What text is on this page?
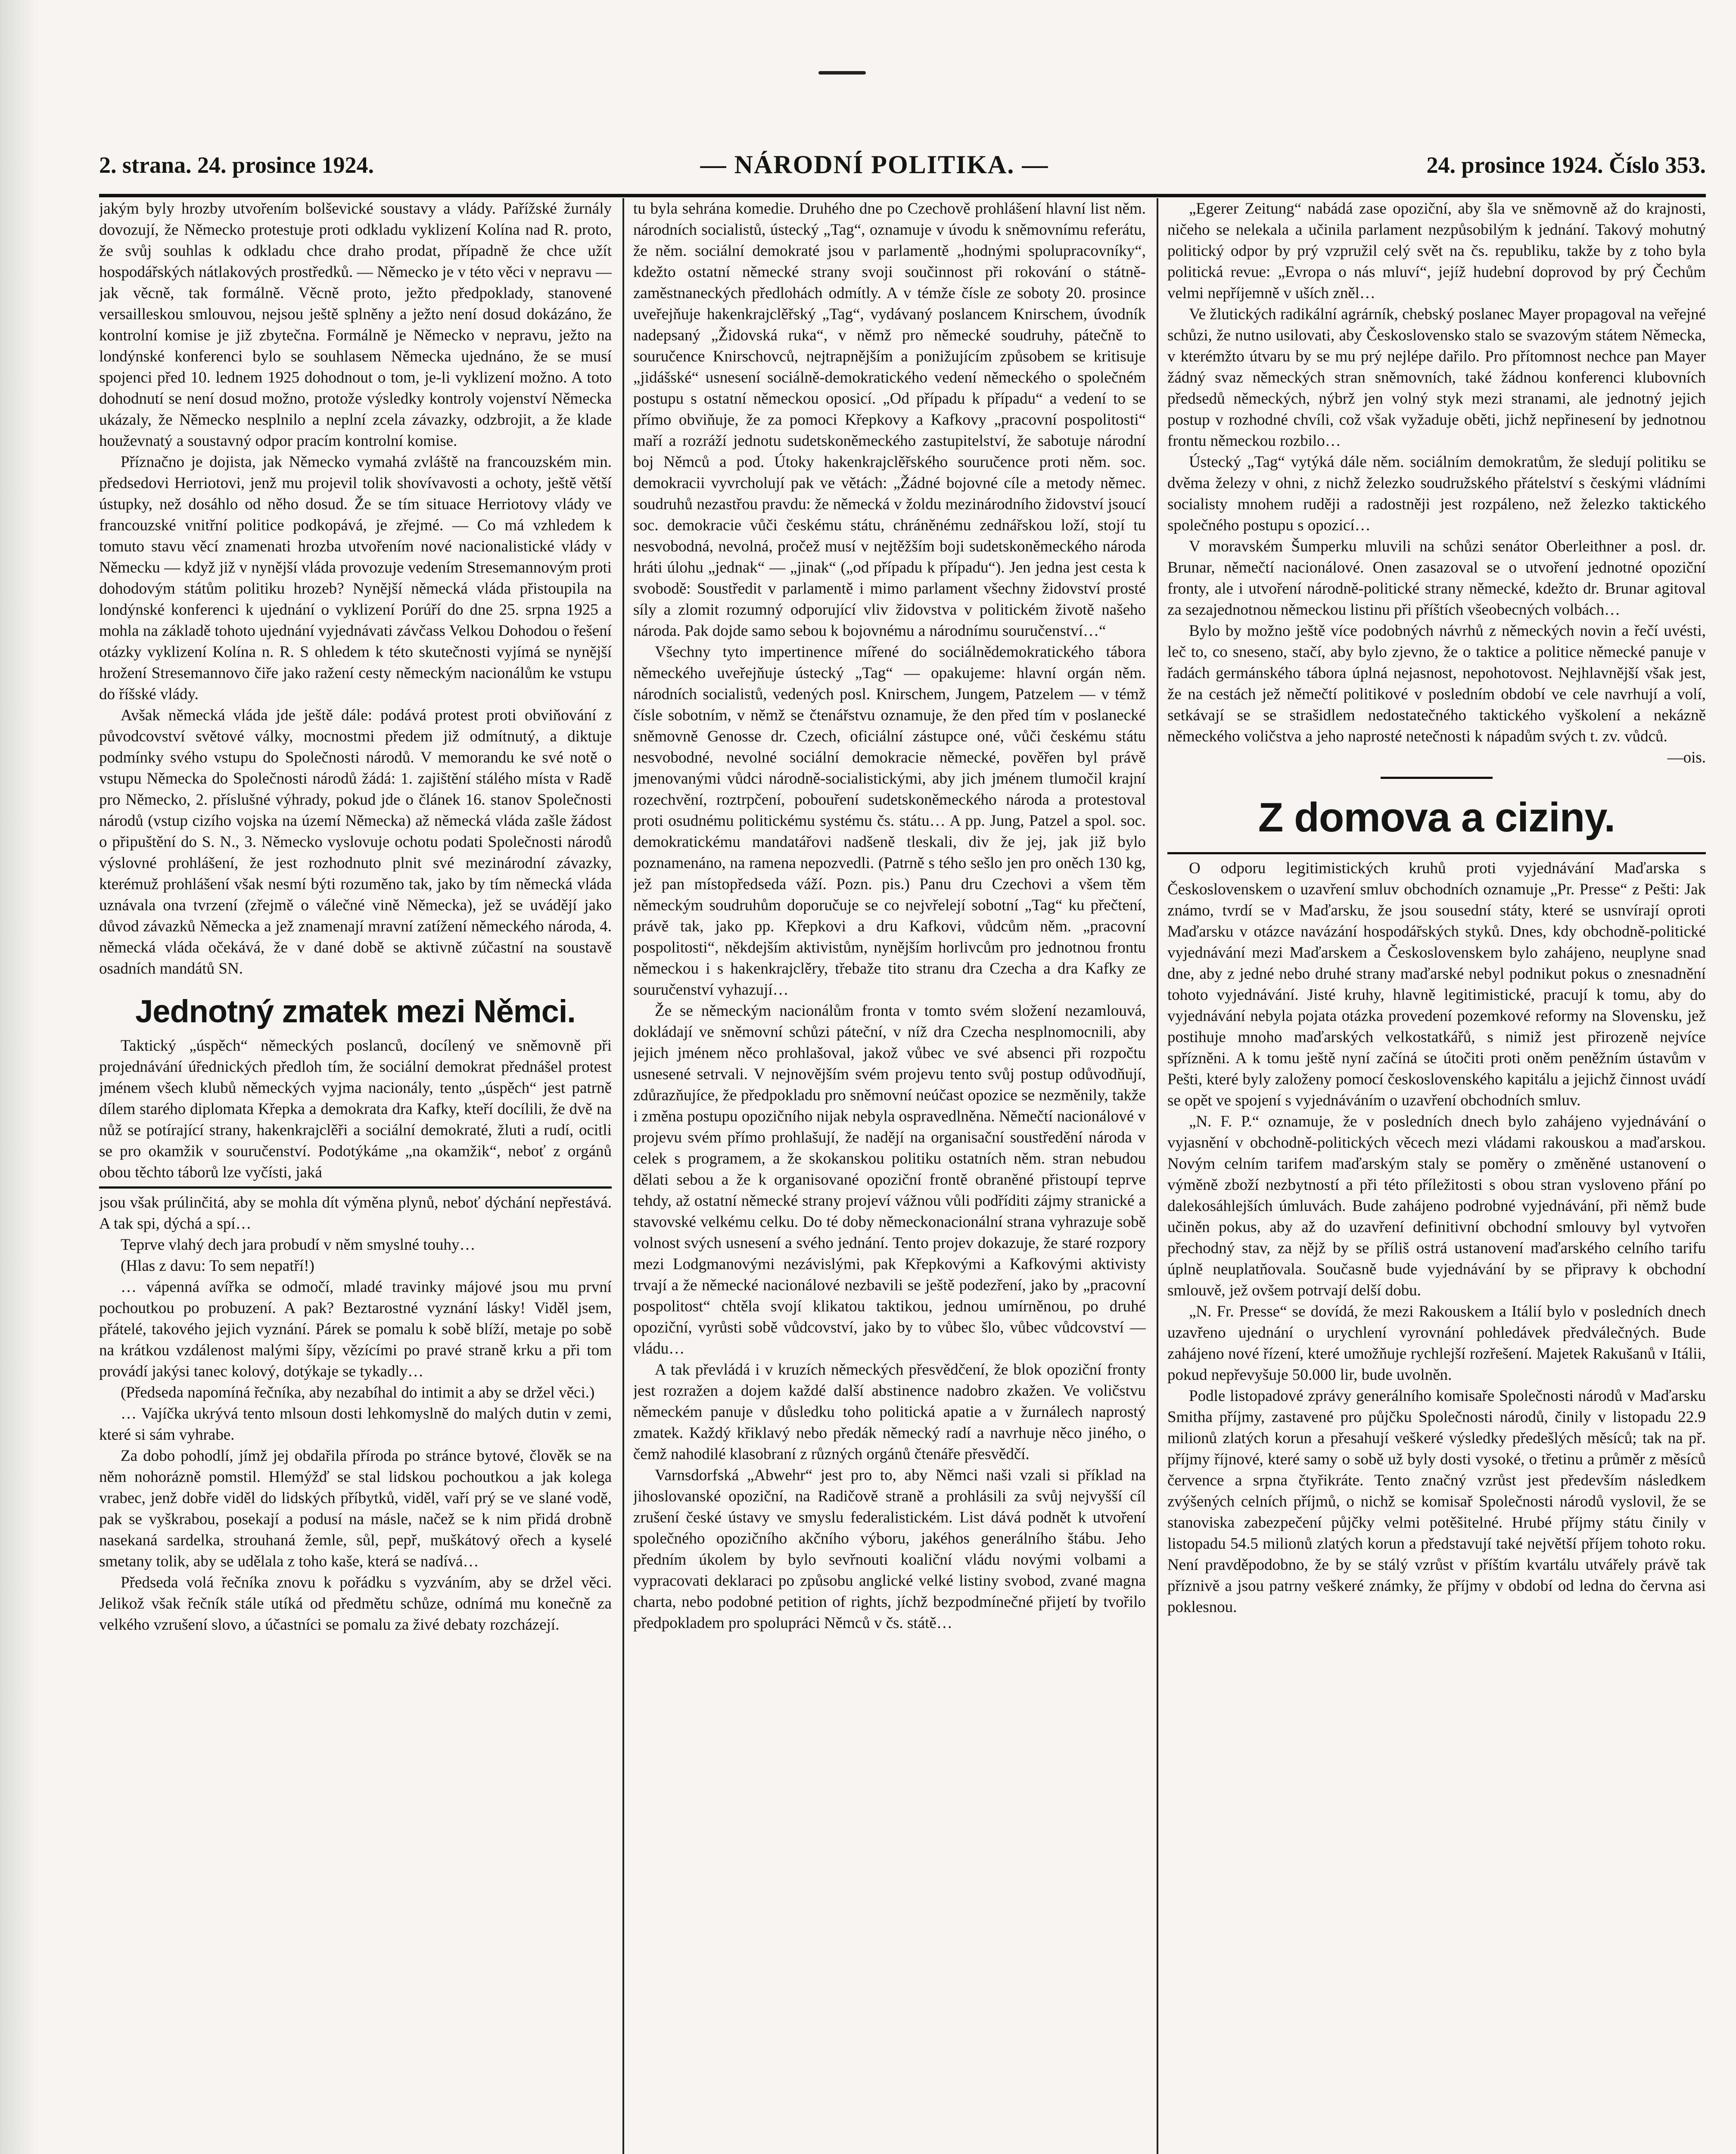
2. strana. 24. prosince 1924.	— NÁRODNÍ POLITIKA. —	24. prosince 1924. Číslo 353.

jakým byly hrozby utvořením bolševické soustavy a vlády. Pařížské žurnály dovozují, že Německo protestuje proti odkladu vyklizení Kolína nad R. proto, že svůj souhlas k odkladu chce draho prodat, případně že chce užít hospodářských nátlakových prostředků. — Německo je v této věci v nepravu — jak věcně, tak formálně. Věcně proto, ježto předpoklady, stanovené versailleskou smlouvou, nejsou ještě splněny a ježto není dosud dokázáno, že kontrolní komise je již zbytečna. Formálně je Německo v nepravu, ježto na londýnské konferenci bylo se souhlasem Německa ujednáno, že se musí spojenci před 10. lednem 1925 dohodnout o tom, je-li vyklizení možno. A toto dohodnutí se není dosud možno, protože výsledky kontroly vojenství Německa ukázaly, že Německo nesplnilo a neplní zcela závazky, odzbrojit, a že klade houževnatý a soustavný odpor pracím kontrolní komise.

Příznačno je dojista, jak Německo vymahá zvláště na francouzském min. předsedovi Herriotovi, jenž mu projevil tolik shovívavosti a ochoty, ještě větší ústupky, než dosáhlo od něho dosud. Že se tím situace Herriotovy vlády ve francouzské vnitřní politice podkopává, je zřejmé. — Co má vzhledem k tomuto stavu věcí znamenati hrozba utvořením nové nacionalistické vlády v Německu — když již v nynější vláda provozuje vedením Stresemannovým proti dohodovým státům politiku hrozeb? Nynější německá vláda přistoupila na londýnské konferenci k ujednání o vyklizení Porúří do dne 25. srpna 1925 a mohla na základě tohoto ujednání vyjednávati závčass Velkou Dohodou o řešení otázky vyklizení Kolína n. R. S ohledem k této skutečnosti vyjímá se nynější hrožení Stresemannovo čiře jako ražení cesty německým nacionálům ke vstupu do říšské vlády.

Avšak německá vláda jde ještě dále: podává protest proti obviňování z původcovství světové války, mocnostmi předem již odmítnutý, a diktuje podmínky svého vstupu do Společnosti národů. V memorandu ke své notě o vstupu Německa do Společnosti národů žádá: 1. zajištění stálého místa v Radě pro Německo, 2. příslušné výhrady, pokud jde o článek 16. stanov Společnosti národů (vstup cizího vojska na území Německa) až německá vláda zašle žádost o připuštění do S. N., 3. Německo vyslovuje ochotu podati Společnosti národů výslovné prohlášení, že jest rozhodnuto plnit své mezinárodní závazky, kterémuž prohlášení však nesmí býti rozuměno tak, jako by tím německá vláda uznávala ona tvrzení (zřejmě o válečné vině Německa), jež se uvádějí jako důvod závazků Německa a jež znamenají mravní zatížení německého národa, 4. německá vláda očekává, že v dané době se aktivně zúčastní na soustavě osadních mandátů SN.

Jednotný zmatek mezi Němci.

Taktický „úspěch“ německých poslanců, docílený ve sněmovně při projednávání úřednických předloh tím, že sociální demokrat přednášel protest jménem všech klubů německých vyjma nacionály, tento „úspěch“ jest patrně dílem starého diplomata Křepka a demokrata dra Kafky, kteří docílili, že dvě na nůž se potírající strany, hakenkrajclěři a sociální demokraté, žluti a rudí, ocitli se pro okamžik v souručenství. Podotýkáme „na okamžik“, neboť z orgánů obou těchto táborů lze vyčísti, jaká

jsou však prúlinčitá, aby se mohla dít výměna plynů, neboť dýchání nepřestává. A tak spi, dýchá a spí…

Teprve vlahý dech jara probudí v něm smyslné touhy…

(Hlas z davu: To sem nepatří!)

… vápenná avířka se odmočí, mladé travinky májové jsou mu první pochoutkou po probuzení. A pak? Beztarostné vyznání lásky! Viděl jsem, přátelé, takového jejich vyznání. Párek se pomalu k sobě blíží, metaje po sobě na krátkou vzdálenost malými šípy, vězícími po pravé straně krku a při tom provádí jakýsi tanec kolový, dotýkaje se tykadly…

(Předseda napomíná řečníka, aby nezabíhal do intimit a aby se držel věci.)

… Vajíčka ukrývá tento mlsoun dosti lehkomyslně do malých dutin v zemi, které si sám vyhrabe.

Za dobo pohodlí, jímž jej obdařila příroda po stránce bytové, člověk se na něm nohorázně pomstil. Hlemýžď se stal lidskou pochoutkou a jak kolega vrabec, jenž dobře viděl do lidských příbytků, viděl, vaří prý se ve slané vodě, pak se vyškrabou, posekají a podusí na másle, načež se k nim přidá drobně nasekaná sardelka, strouhaná žemle, sůl, pepř, muškátový ořech a kyselé smetany tolik, aby se udělala z toho kaše, která se nadívá…

Předseda volá řečníka znovu k pořádku s vyzváním, aby se držel věci. Jelikož však řečník stále utíká od předmětu schůze, odnímá mu konečně za velkého vzrušení slovo, a účastníci se pomalu za živé debaty rozcházejí.

tu byla sehrána komedie. Druhého dne po Czechově prohlášení hlavní list něm. národních socialistů, ústecký „Tag“, oznamuje v úvodu k sněmovnímu referátu, že něm. sociální demokraté jsou v parlamentě „hodnými spolupracovníky“, kdežto ostatní německé strany svoji součinnost při rokování o státně-zaměstnaneckých předlohách odmítly. A v témže čísle ze soboty 20. prosince uveřejňuje hakenkrajclěřský „Tag“, vydávaný poslancem Knirschem, úvodník nadepsaný „Židovská ruka“, v němž pro německé soudruhy, pátečně to souručence Knirschovců, nejtrapnějším a ponižujícím způsobem se kritisuje „jidášské“ usnesení sociálně-demokratického vedení německého o společném postupu s ostatní německou oposicí. „Od případu k případu“ a vedení to se přímo obviňuje, že za pomoci Křepkovy a Kafkovy „pracovní pospolitosti“ maří a rozráží jednotu sudetskoněmeckého zastupitelství, že sabotuje národní boj Němců a pod. Útoky hakenkrajclěřského souručence proti něm. soc. demokracii vyvrcholují pak ve větách: „Žádné bojovné cíle a metody němec. soudruhů nezastřou pravdu: že německá v žoldu mezinárodního židovství jsoucí soc. demokracie vůči českému státu, chráněnému zednářskou loží, stojí tu nesvobodná, nevolná, pročež musí v nejtěžším boji sudetskoněmeckého národa hráti úlohu „jednak“ — „jinak“ („od případu k případu“). Jen jedna jest cesta k svobodě: Soustředit v parlamentě i mimo parlament všechny židovství prosté síly a zlomit rozumný odporující vliv židovstva v politickém životě našeho národa. Pak dojde samo sebou k bojovnému a národnímu souručenství…“

Všechny tyto impertinence mířené do sociálnědemokratického tábora německého uveřejňuje ústecký „Tag“ — opakujeme: hlavní orgán něm. národních socialistů, vedených posl. Knirschem, Jungem, Patzelem — v témž čísle sobotním, v němž se čtenářstvu oznamuje, že den před tím v poslanecké sněmovně Genosse dr. Czech, oficiální zástupce oné, vůči českému státu nesvobodné, nevolné sociální demokracie německé, pověřen byl právě jmenovanými vůdci národně-socialistickými, aby jich jménem tlumočil krajní rozechvění, roztrpčení, pobouření sudetskoněmeckého národa a protestoval proti osudnému politickému systému čs. státu… A pp. Jung, Patzel a spol. soc. demokratickému mandatářovi nadšeně tleskali, div že jej, jak již bylo poznamenáno, na ramena nepozvedli. (Patrně s tého sešlo jen pro oněch 130 kg, jež pan místopředseda váží. Pozn. pis.) Panu dru Czechovi a všem těm německým soudruhům doporučuje se co nejvřelejí sobotní „Tag“ ku přečtení, právě tak, jako pp. Křepkovi a dru Kafkovi, vůdcům něm. „pracovní pospolitosti“, někdejším aktivistům, nynějším horlivcům pro jednotnou frontu německou i s hakenkrajclěry, třebaže tito stranu dra Czecha a dra Kafky ze souručenství vyhazují…

Že se německým nacionálům fronta v tomto svém složení nezamlouvá, dokládají ve sněmovní schůzi páteční, v níž dra Czecha nesplnomocnili, aby jejich jménem něco prohlašoval, jakož vůbec ve své absenci při rozpočtu usnesené setrvali. V nejnovějším svém projevu tento svůj postup odůvodňují, zdůrazňujíce, že předpokladu pro sněmovní neúčast opozice se nezměnily, takže i změna postupu opozičního nijak nebyla ospravedlněna. Němečtí nacionálové v projevu svém přímo prohlašují, že nadějí na organisační soustředění národa v celek s programem, a že skokanskou politiku ostatních něm. stran nebudou dělati sebou a že k organisované opoziční frontě obraněné přistoupí teprve tehdy, až ostatní německé strany projeví vážnou vůli podříditi zájmy stranické a stavovské velkému celku. Do té doby německonacionální strana vyhrazuje sobě volnost svých usnesení a svého jednání. Tento projev dokazuje, že staré rozpory mezi Lodgmanovými nezávislými, pak Křepkovými a Kafkovými aktivisty trvají a že německé nacionálové nezbavili se ještě podezření, jako by „pracovní pospolitost“ chtěla svojí klikatou taktikou, jednou umírněnou, po druhé opoziční, vyrůsti sobě vůdcovství, jako by to vůbec šlo, vůbec vůdcovství — vládu…

A tak převládá i v kruzích německých přesvědčení, že blok opoziční fronty jest rozražen a dojem každé další abstinence nadobro zkažen. Ve voličstvu německém panuje v důsledku toho politická apatie a v žurnálech naprostý zmatek. Každý křiklavý nebo předák německý radí a navrhuje něco jiného, o čemž nahodilé klasobraní z různých orgánů čtenáře přesvědčí.

Varnsdorfská „Abwehr“ jest pro to, aby Němci naši vzali si příklad na jihoslovanské opoziční, na Radičově straně a prohlásili za svůj nejvyšší cíl zrušení české ústavy ve smyslu federalistickém. List dává podnět k utvoření společného opozičního akčního výboru, jakéhos generálního štábu. Jeho předním úkolem by bylo sevřnouti koaliční vládu novými volbami a vypracovati deklaraci po způsobu anglické velké listiny svobod, zvané magna charta, nebo podobné petition of rights, jíchž bezpodmínečné přijetí by tvořilo předpokladem pro spolupráci Němců v čs. státě…

„Egerer Zeitung“ nabádá zase opoziční, aby šla ve sněmovně až do krajnosti, ničeho se nelekala a učinila parlament nezpůsobilým k jednání. Takový mohutný politický odpor by prý vzpružil celý svět na čs. republiku, takže by z toho byla politická revue: „Evropa o nás mluví“, jejíž hudební doprovod by prý Čechům velmi nepříjemně v uších zněl…

Ve žlutických radikální agrárník, chebský poslanec Mayer propagoval na veřejné schůzi, že nutno usilovati, aby Československo stalo se svazovým státem Německa, v kterémžto útvaru by se mu prý nejlépe dařilo. Pro přítomnost nechce pan Mayer žádný svaz německých stran sněmovních, také žádnou konferenci klubovních předsedů německých, nýbrž jen volný styk mezi stranami, ale jednotný jejich postup v rozhodné chvíli, což však vyžaduje oběti, jichž nepřinesení by jednotnou frontu německou rozbilo…

Ústecký „Tag“ vytýká dále něm. sociálním demokratům, že sledují politiku se dvěma železy v ohni, z nichž železko soudružského přátelství s českými vládními socialisty mnohem ruději a radostněji jest rozpáleno, než železko taktického společného postupu s opozicí…

V moravském Šumperku mluvili na schůzi senátor Oberleithner a posl. dr. Brunar, němečtí nacionálové. Onen zasazoval se o utvoření jednotné opoziční fronty, ale i utvoření národně-politické strany německé, kdežto dr. Brunar agitoval za sezajednotnou německou listinu při příštích všeobecných volbách…

Bylo by možno ještě více podobných návrhů z německých novin a řečí uvésti, leč to, co sneseno, stačí, aby bylo zjevno, že o taktice a politice německé panuje v řadách germánského tábora úplná nejasnost, nepohotovost. Nejhlavnější však jest, že na cestách jež němečtí politikové v posledním období ve cele navrhují a volí, setkávají se se strašidlem nedostatečného taktického vyškolení a nekázně německého voličstva a jeho naprosté netečnosti k nápadům svých t. zv. vůdců.

—ois.

Z domova a ciziny.

O odporu legitimistických kruhů proti vyjednávání Maďarska s Československem o uzavření smluv obchodních oznamuje „Pr. Presse“ z Pešti: Jak známo, tvrdí se v Maďarsku, že jsou sousední státy, které se usnvírají oproti Maďarsku v otázce navázání hospodářských styků. Dnes, kdy obchodně-politické vyjednávání mezi Maďarskem a Československem bylo zahájeno, neuplyne snad dne, aby z jedné nebo druhé strany maďarské nebyl podnikut pokus o znesnadnění tohoto vyjednávání. Jisté kruhy, hlavně legitimistické, pracují k tomu, aby do vyjednávání nebyla pojata otázka provedení pozemkové reformy na Slovensku, jež postihuje mnoho maďarských velkostatkářů, s nimiž jest přirozeně nejvíce spřízněni. A k tomu ještě nyní začíná se útočiti proti oněm peněžním ústavům v Pešti, které byly založeny pomocí československého kapitálu a jejichž činnost uvádí se opět ve spojení s vyjednáváním o uzavření obchodních smluv.

„N. F. P.“ oznamuje, že v posledních dnech bylo zahájeno vyjednávání o vyjasnění v obchodně-politických věcech mezi vládami rakouskou a maďarskou. Novým celním tarifem maďarským staly se poměry o změněné ustanovení o výměně zboží nezbytností a při této příležitosti s obou stran vysloveno přání po dalekosáhlejších úmluvách. Bude zahájeno podrobné vyjednávání, při němž bude učiněn pokus, aby až do uzavření definitivní obchodní smlouvy byl vytvořen přechodný stav, za nějž by se příliš ostrá ustanovení maďarského celního tarifu úplně neuplatňovala. Současně bude vyjednávání by se připravy k obchodní smlouvě, jež ovšem potrvají delší dobu.

„N. Fr. Presse“ se dovídá, že mezi Rakouskem a Itálií bylo v posledních dnech uzavřeno ujednání o urychlení vyrovnání pohledávek předválečných. Bude zahájeno nové řízení, které umožňuje rychlejší rozřešení. Majetek Rakušanů v Itálii, pokud nepřevyšuje 50.000 lir, bude uvolněn.

Podle listopadové zprávy generálního komisaře Společnosti národů v Maďarsku Smitha příjmy, zastavené pro půjčku Společnosti národů, činily v listopadu 22.9 milionů zlatých korun a přesahují veškeré výsledky předešlých měsíců; tak na př. příjmy říjnové, které samy o sobě už byly dosti vysoké, o třetinu a průměr z měsíců července a srpna čtyřikráte. Tento značný vzrůst jest především následkem zvýšených celních příjmů, o nichž se komisař Společnosti národů vyslovil, že se stanoviska zabezpečení půjčky velmi potěšitelné. Hrubé příjmy státu činily v listopadu 54.5 milionů zlatých korun a představují také největší příjem tohoto roku. Není pravděpodobno, že by se stálý vzrůst v příštím kvartálu utvářely právě tak příznivě a jsou patrny veškeré známky, že příjmy v období od ledna do června asi poklesnou.
